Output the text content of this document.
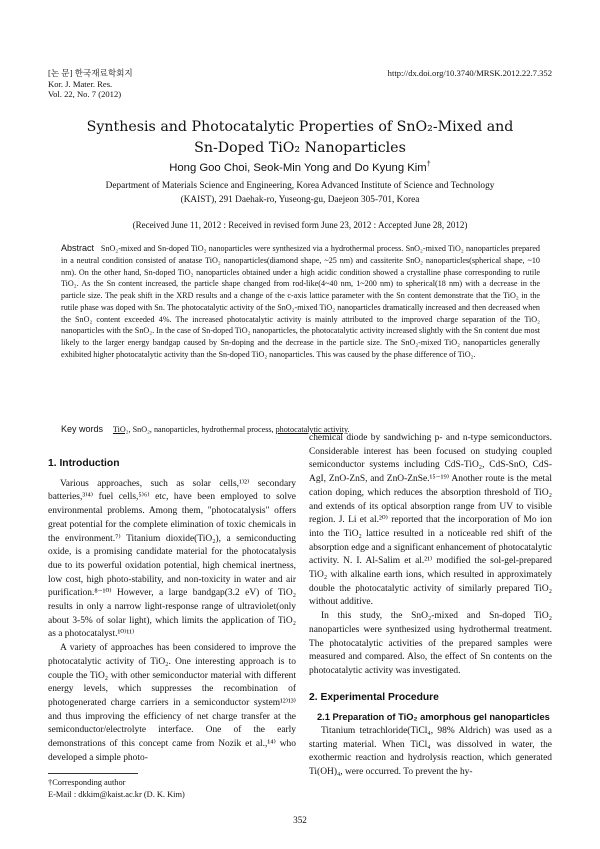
[논 문] 한국재료학회지
Kor. J. Mater. Res.
Vol. 22, No. 7 (2012)
http://dx.doi.org/10.3740/MRSK.2012.22.7.352
Synthesis and Photocatalytic Properties of SnO₂-Mixed and
Sn-Doped TiO₂ Nanoparticles
Hong Goo Choi, Seok-Min Yong and Do Kyung Kim†
Department of Materials Science and Engineering, Korea Advanced Institute of Science and Technology
(KAIST), 291 Daehak-ro, Yuseong-gu, Daejeon 305-701, Korea
(Received June 11, 2012 : Received in revised form June 23, 2012 : Accepted June 28, 2012)
Abstract SnO₂-mixed and Sn-doped TiO₂ nanoparticles were synthesized via a hydrothermal process. SnO₂-mixed TiO₂ nanoparticles prepared in a neutral condition consisted of anatase TiO₂ nanoparticles(diamond shape, ~25 nm) and cassiterite SnO₂ nanoparticles(spherical shape, ~10 nm). On the other hand, Sn-doped TiO₂ nanoparticles obtained under a high acidic condition showed a crystalline phase corresponding to rutile TiO₂. As the Sn content increased, the particle shape changed from rod-like(4~40 nm, 1~200 nm) to spherical(18 nm) with a decrease in the particle size. The peak shift in the XRD results and a change of the c-axis lattice parameter with the Sn content demonstrate that the TiO₂ in the rutile phase was doped with Sn. The photocatalytic activity of the SnO₂-mixed TiO₂ nanoparticles dramatically increased and then decreased when the SnO₂ content exceeded 4%. The increased photocatalytic activity is mainly attributed to the improved charge separation of the TiO₂ nanoparticles with the SnO₂. In the case of Sn-doped TiO₂ nanoparticles, the photocatalytic activity increased slightly with the Sn content due most likely to the larger energy bandgap caused by Sn-doping and the decrease in the particle size. The SnO₂-mixed TiO₂ nanoparticles generally exhibited higher photocatalytic activity than the Sn-doped TiO₂ nanoparticles. This was caused by the phase difference of TiO₂.
Key words TiO₂, SnO₂, nanoparticles, hydrothermal process, photocatalytic activity.
1. Introduction
Various approaches, such as solar cells,¹⁾²⁾ secondary batteries,³⁾⁴⁾ fuel cells,⁵⁾⁶⁾ etc, have been employed to solve environmental problems. Among them, "photocatalysis" offers great potential for the complete elimination of toxic chemicals in the environment.⁷⁾ Titanium dioxide(TiO₂), a semiconducting oxide, is a promising candidate material for the photocatalysis due to its powerful oxidation potential, high chemical inertness, low cost, high photo-stability, and non-toxicity in water and air purification.⁸⁻¹⁰⁾ However, a large bandgap(3.2 eV) of TiO₂ results in only a narrow light-response range of ultraviolet(only about 3-5% of solar light), which limits the application of TiO₂ as a photocatalyst.¹⁰⁾¹¹⁾
A variety of approaches has been considered to improve the photocatalytic activity of TiO₂. One interesting approach is to couple the TiO₂ with other semiconductor material with different energy levels, which suppresses the recombination of photogenerated charge carriers in a semiconductor system¹²⁾¹³⁾ and thus improving the efficiency of net charge transfer at the semiconductor/electrolyte interface. One of the early demonstrations of this concept came from Nozik et al.,¹⁴⁾ who developed a simple photo-
chemical diode by sandwiching p- and n-type semiconductors. Considerable interest has been focused on studying coupled semiconductor systems including CdS-TiO₂, CdS-SnO, CdS-AgI, ZnO-ZnS, and ZnO-ZnSe.¹⁵⁻¹⁹⁾ Another route is the metal cation doping, which reduces the absorption threshold of TiO₂ and extends of its optical absorption range from UV to visible region. J. Li et al.²⁰⁾ reported that the incorporation of Mo ion into the TiO₂ lattice resulted in a noticeable red shift of the absorption edge and a significant enhancement of photocatalytic activity. N. I. Al-Salim et al.²¹⁾ modified the sol-gel-prepared TiO₂ with alkaline earth ions, which resulted in approximately double the photocatalytic activity of similarly prepared TiO₂ without additive.
In this study, the SnO₂-mixed and Sn-doped TiO₂ nanoparticles were synthesized using hydrothermal treatment. The photocatalytic activities of the prepared samples were measured and compared. Also, the effect of Sn contents on the photocatalytic activity was investigated.
2. Experimental Procedure
2.1 Preparation of TiO₂ amorphous gel nanoparticles
Titanium tetrachloride(TiCl₄, 98% Aldrich) was used as a starting material. When TiCl₄ was dissolved in water, the exothermic reaction and hydrolysis reaction, which generated Ti(OH)₄, were occurred. To prevent the hy-
†Corresponding author
E-Mail : dkkim@kaist.ac.kr (D. K. Kim)
352
